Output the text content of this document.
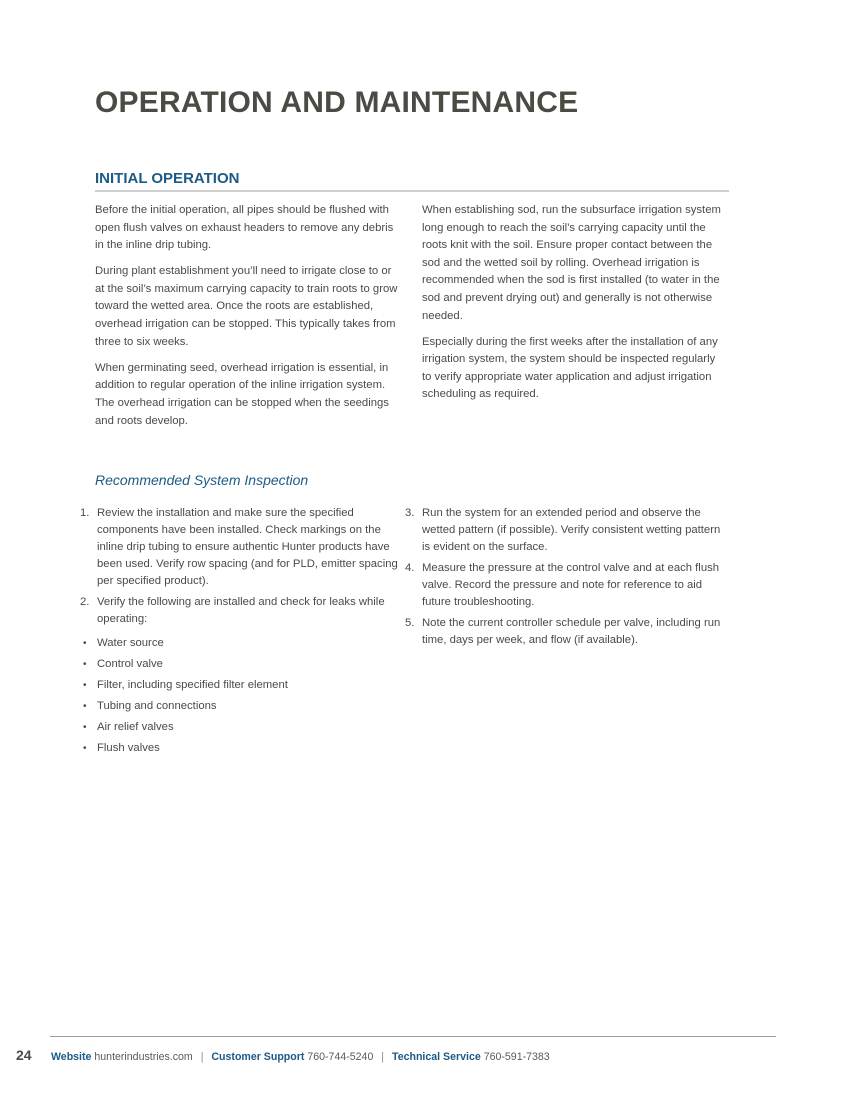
OPERATION AND MAINTENANCE
INITIAL OPERATION

Before the initial operation, all pipes should be flushed with open flush valves on exhaust headers to remove any debris in the inline drip tubing.

During plant establishment you’ll need to irrigate close to or at the soil’s maximum carrying capacity to train roots to grow toward the wetted area. Once the roots are established, overhead irrigation can be stopped. This typically takes from three to six weeks.

When germinating seed, overhead irrigation is essential, in addition to regular operation of the inline irrigation system. The overhead irrigation can be stopped when the seedings and roots develop.

When establishing sod, run the subsurface irrigation system long enough to reach the soil’s carrying capacity until the roots knit with the soil. Ensure proper contact between the sod and the wetted soil by rolling. Overhead irrigation is recommended when the sod is first installed (to water in the sod and prevent drying out) and generally is not otherwise needed.

Especially during the first weeks after the installation of any irrigation system, the system should be inspected regularly to verify appropriate water application and adjust irrigation scheduling as required.

Recommended System Inspection
1. Review the installation and make sure the specified components have been installed. Check markings on the inline drip tubing to ensure authentic Hunter products have been used. Verify row spacing (and for PLD, emitter spacing per specified product).
2. Verify the following are installed and check for leaks while operating:
• Water source
• Control valve
• Filter, including specified filter element
• Tubing and connections
• Air relief valves
• Flush valves
3. Run the system for an extended period and observe the wetted pattern (if possible). Verify consistent wetting pattern is evident on the surface.
4. Measure the pressure at the control valve and at each flush valve. Record the pressure and note for reference to aid future troubleshooting.
5. Note the current controller schedule per valve, including run time, days per week, and flow (if available).
24 Website hunterindustries.com | Customer Support 760-744-5240 | Technical Service 760-591-7383
